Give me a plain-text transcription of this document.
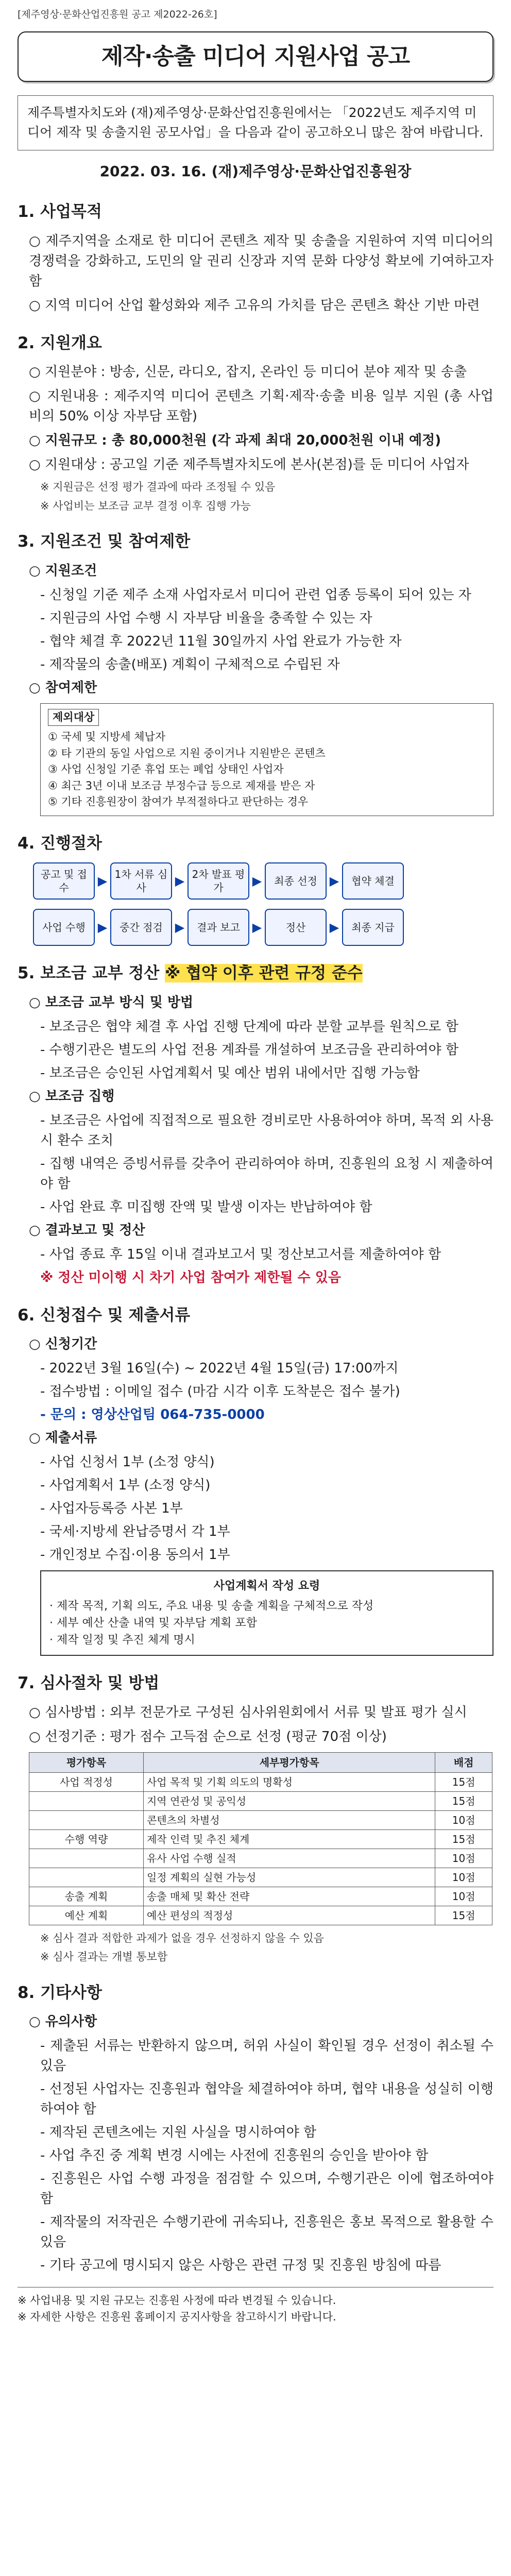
[제주영상·문화산업진흥원 공고 제2022-26호]
제작·송출 미디어 지원사업 공고
제주특별자치도와 (재)제주영상·문화산업진흥원에서는 「2022년도 제주지역 미디어 제작 및 송출지원 공모사업」을 다음과 같이 공고하오니 많은 참여 바랍니다.
2022. 03. 16. (재)제주영상·문화산업진흥원장
1. 사업목적
○ 제주지역을 소재로 한 미디어 콘텐츠 제작 및 송출을 지원하여 지역 미디어의 경쟁력을 강화하고, 도민의 알 권리 신장과 지역 문화 다양성 확보에 기여하고자 함
○ 지역 미디어 산업 활성화와 제주 고유의 가치를 담은 콘텐츠 확산 기반 마련
2. 지원개요
○ 지원분야 : 방송, 신문, 라디오, 잡지, 온라인 등 미디어 분야 제작 및 송출
○ 지원내용 : 제주지역 미디어 콘텐츠 기획·제작·송출 비용 일부 지원 (총 사업비의 50% 이상 자부담 포함)
○ 지원규모 : 총 80,000천원 (각 과제 최대 20,000천원 이내 예정)
○ 지원대상 : 공고일 기준 제주특별자치도에 본사(본점)를 둔 미디어 사업자
※ 지원금은 선정 평가 결과에 따라 조정될 수 있음
※ 사업비는 보조금 교부 결정 이후 집행 가능
3. 지원조건 및 참여제한
○ 지원조건
- 신청일 기준 제주 소재 사업자로서 미디어 관련 업종 등록이 되어 있는 자
- 지원금의 사업 수행 시 자부담 비율을 충족할 수 있는 자
- 협약 체결 후 2022년 11월 30일까지 사업 완료가 가능한 자
- 제작물의 송출(배포) 계획이 구체적으로 수립된 자
○ 참여제한
제외대상
① 국세 및 지방세 체납자
② 타 기관의 동일 사업으로 지원 중이거나 지원받은 콘텐츠
③ 사업 신청일 기준 휴업 또는 폐업 상태인 사업자
④ 최근 3년 이내 보조금 부정수급 등으로 제재를 받은 자
⑤ 기타 진흥원장이 참여가 부적절하다고 판단하는 경우
4. 진행절차
공고 및 접수	▶ 1차 서류 심사	▶ 2차 발표 평가	▶	최종 선정 ▶	협약 체결
사업 수행 ▶	중간 점검 ▶	결과 보고 ▶	정산	▶	최종 지급
5. 보조금 교부 정산 ※ 협약 이후 관련 규정 준수
○ 보조금 교부 방식 및 방법
- 보조금은 협약 체결 후 사업 진행 단계에 따라 분할 교부를 원칙으로 함
- 수행기관은 별도의 사업 전용 계좌를 개설하여 보조금을 관리하여야 함
- 보조금은 승인된 사업계획서 및 예산 범위 내에서만 집행 가능함
○ 보조금 집행
- 보조금은 사업에 직접적으로 필요한 경비로만 사용하여야 하며, 목적 외 사용 시 환수 조치
- 집행 내역은 증빙서류를 갖추어 관리하여야 하며, 진흥원의 요청 시 제출하여야 함
- 사업 완료 후 미집행 잔액 및 발생 이자는 반납하여야 함
○ 결과보고 및 정산
- 사업 종료 후 15일 이내 결과보고서 및 정산보고서를 제출하여야 함
※ 정산 미이행 시 차기 사업 참여가 제한될 수 있음
6. 신청접수 및 제출서류
○ 신청기간
- 2022년 3월 16일(수) ~ 2022년 4월 15일(금) 17:00까지
- 접수방법 : 이메일 접수 (마감 시각 이후 도착분은 접수 불가)
- 문의 : 영상산업팀 064-735-0000
○ 제출서류
- 사업 신청서 1부 (소정 양식)
- 사업계획서 1부 (소정 양식)
- 사업자등록증 사본 1부
- 국세·지방세 완납증명서 각 1부
- 개인정보 수집·이용 동의서 1부
사업계획서 작성 요령
· 제작 목적, 기획 의도, 주요 내용 및 송출 계획을 구체적으로 작성
· 세부 예산 산출 내역 및 자부담 계획 포함
· 제작 일정 및 추진 체계 명시
7. 심사절차 및 방법
○ 심사방법 : 외부 전문가로 구성된 심사위원회에서 서류 및 발표 평가 실시
○ 선정기준 : 평가 점수 고득점 순으로 선정 (평균 70점 이상)
평가항목	세부평가항목	배점
사업 적정성	사업 목적 및 기획 의도의 명확성	15점
	지역 연관성 및 공익성	15점
	콘텐츠의 차별성	10점
수행 역량	제작 인력 및 추진 체계	15점
	유사 사업 수행 실적	10점
	일정 계획의 실현 가능성	10점
송출 계획	송출 매체 및 확산 전략	10점
예산 계획	예산 편성의 적정성	15점
※ 심사 결과 적합한 과제가 없을 경우 선정하지 않을 수 있음
※ 심사 결과는 개별 통보함
8. 기타사항
○ 유의사항
- 제출된 서류는 반환하지 않으며, 허위 사실이 확인될 경우 선정이 취소될 수 있음
- 선정된 사업자는 진흥원과 협약을 체결하여야 하며, 협약 내용을 성실히 이행하여야 함
- 제작된 콘텐츠에는 지원 사실을 명시하여야 함
- 사업 추진 중 계획 변경 시에는 사전에 진흥원의 승인을 받아야 함
- 진흥원은 사업 수행 과정을 점검할 수 있으며, 수행기관은 이에 협조하여야 함
- 제작물의 저작권은 수행기관에 귀속되나, 진흥원은 홍보 목적으로 활용할 수 있음
- 기타 공고에 명시되지 않은 사항은 관련 규정 및 진흥원 방침에 따름
※ 사업내용 및 지원 규모는 진흥원 사정에 따라 변경될 수 있습니다.
※ 자세한 사항은 진흥원 홈페이지 공지사항을 참고하시기 바랍니다.
